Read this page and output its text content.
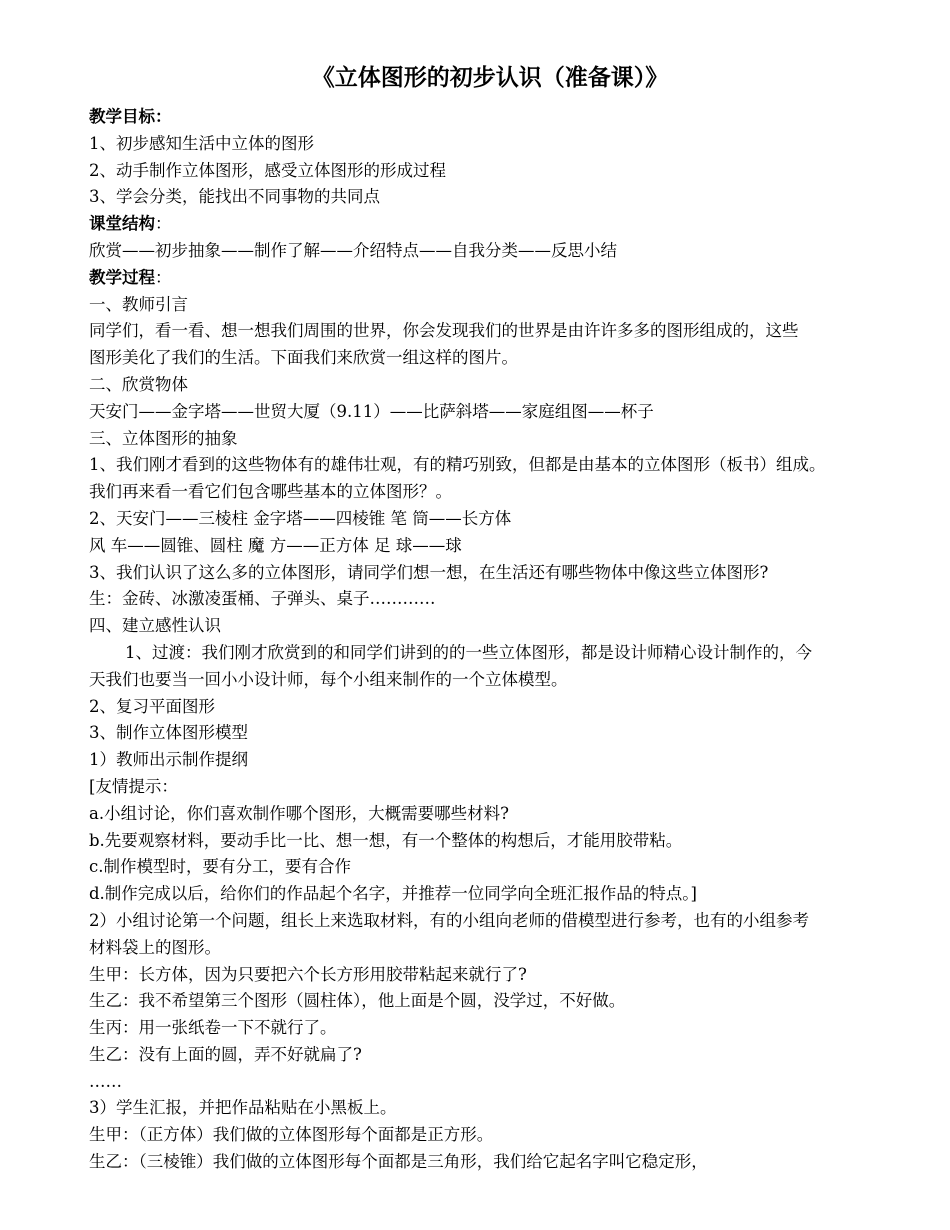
《立体图形的初步认识（准备课）》
教学目标：
1、初步感知生活中立体的图形
2、动手制作立体图形，感受立体图形的形成过程
3、学会分类，能找出不同事物的共同点
课堂结构：
欣赏——初步抽象——制作了解——介绍特点——自我分类——反思小结
教学过程：
一、教师引言
同学们，看一看、想一想我们周围的世界，你会发现我们的世界是由许许多多的图形组成的，这些
图形美化了我们的生活。下面我们来欣赏一组这样的图片。
二、欣赏物体
天安门——金字塔——世贸大厦（9.11）——比萨斜塔——家庭组图——杯子
三、立体图形的抽象
1、我们刚才看到的这些物体有的雄伟壮观，有的精巧别致，但都是由基本的立体图形（板书）组成。
我们再来看一看它们包含哪些基本的立体图形？。
2、天安门——三棱柱 金字塔——四棱锥 笔 筒——长方体
风 车——圆锥、圆柱 魔 方——正方体 足 球——球
3、我们认识了这么多的立体图形，请同学们想一想，在生活还有哪些物体中像这些立体图形?
生：金砖、冰激凌蛋桶、子弹头、桌子…………
四、建立感性认识
1、过渡：我们刚才欣赏到的和同学们讲到的的一些立体图形，都是设计师精心设计制作的，今
天我们也要当一回小小设计师，每个小组来制作的一个立体模型。
2、复习平面图形
3、制作立体图形模型
1）教师出示制作提纲
[友情提示：
a.小组讨论，你们喜欢制作哪个图形，大概需要哪些材料?
b.先要观察材料，要动手比一比、想一想，有一个整体的构想后，才能用胶带粘。
c.制作模型时，要有分工，要有合作
d.制作完成以后，给你们的作品起个名字，并推荐一位同学向全班汇报作品的特点。]
2）小组讨论第一个问题，组长上来选取材料，有的小组向老师的借模型进行参考，也有的小组参考
材料袋上的图形。
生甲：长方体，因为只要把六个长方形用胶带粘起来就行了?
生乙：我不希望第三个图形（圆柱体），他上面是个圆，没学过，不好做。
生丙：用一张纸卷一下不就行了。
生乙：没有上面的圆，弄不好就扁了?
……
3）学生汇报，并把作品粘贴在小黑板上。
生甲：（正方体）我们做的立体图形每个面都是正方形。
生乙：（三棱锥）我们做的立体图形每个面都是三角形，我们给它起名字叫它稳定形，
